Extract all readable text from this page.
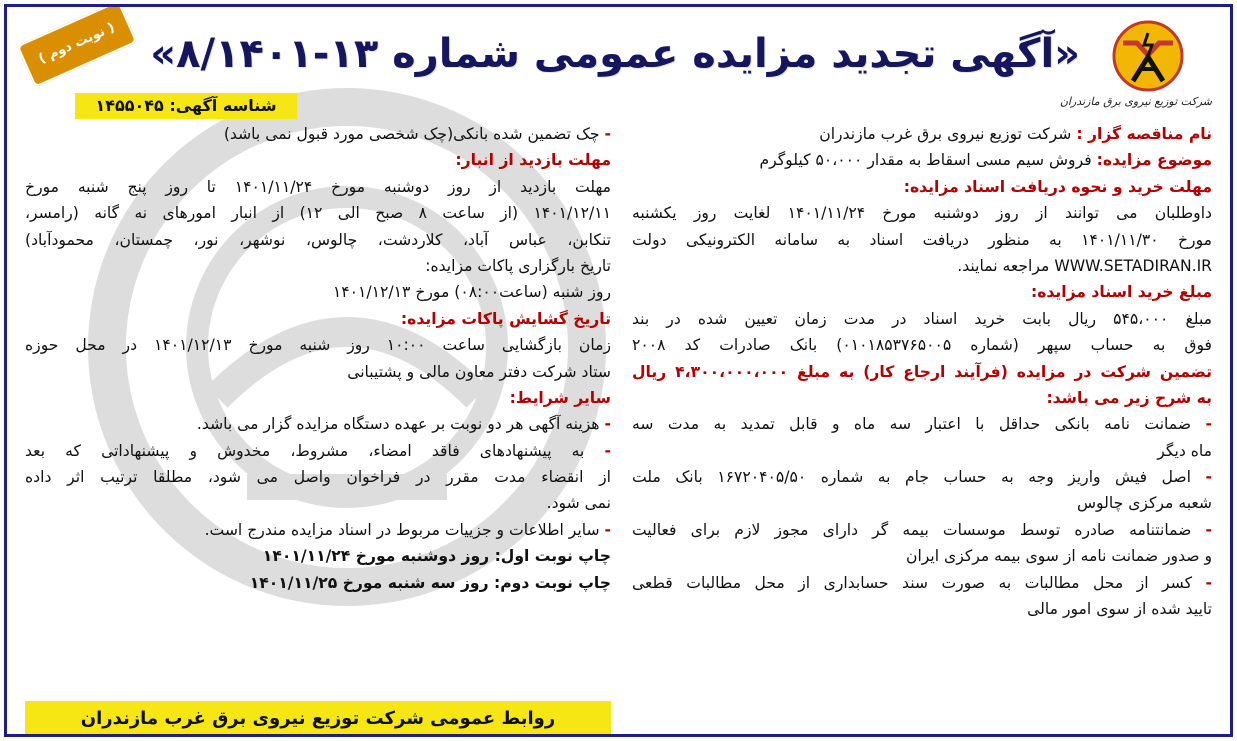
( نوبت دوم ) «آگهی تجدید مزایده عمومی شماره ۱۳-۸/۱۴۰۱»
شرکت توزیع نیروی برق مازندران
شناسه آگهی: ۱۴۵۵۰۴۵
نام مناقصه گزار : شرکت توزیع نیروی برق غرب مازندران
موضوع مزایده: فروش سیم مسی اسقاط به مقدار ۵۰،۰۰۰ کیلوگرم
مهلت خرید و نحوه دریافت اسناد مزایده:
داوطلبان می توانند از روز دوشنبه مورخ ۱۴۰۱/۱۱/۲۴ لغایت روز یکشنبه
مورخ ۱۴۰۱/۱۱/۳۰ به منظور دریافت اسناد به سامانه الکترونیکی دولت
WWW.SETADIRAN.IR مراجعه نمایند.
مبلغ خرید اسناد مزایده:
مبلغ ۵۴۵،۰۰۰ ریال بابت خرید اسناد در مدت زمان تعیین شده در بند
فوق به حساب سپهر (شماره ۰۱۰۱۸۵۳۷۶۵۰۰۵) بانک صادرات کد ۲۰۰۸
تضمین شرکت در مزایده (فرآیند ارجاع کار) به مبلغ ۴،۳۰۰،۰۰۰،۰۰۰ ریال
به شرح زیر می باشد:
- ضمانت نامه بانکی حداقل با اعتبار سه ماه و قابل تمدید به مدت سه
ماه دیگر
- اصل فیش واریز وجه به حساب جام به شماره ۱۶۷۲۰۴۰۵/۵۰ بانک ملت
شعبه مرکزی چالوس
- ضمانتنامه صادره توسط موسسات بیمه گر دارای مجوز لازم برای فعالیت
و صدور ضمانت نامه از سوی بیمه مرکزی ایران
- کسر از محل مطالبات به صورت سند حسابداری از محل مطالبات قطعی
تایید شده از سوی امور مالی
- چک تضمین شده بانکی(چک شخصی مورد قبول نمی باشد)
مهلت بازدید از انبار:
مهلت بازدید از روز دوشنبه مورخ ۱۴۰۱/۱۱/۲۴ تا روز پنج شنبه مورخ
۱۴۰۱/۱۲/۱۱ (از ساعت ۸ صبح الی ۱۲) از انبار امورهای نه گانه (رامسر،
تنکابن، عباس آباد، کلاردشت، چالوس، نوشهر، نور، چمستان، محمودآباد)
تاریخ بارگزاری پاکات مزایده:
روز شنبه (ساعت۰۸:۰۰) مورخ ۱۴۰۱/۱۲/۱۳
تاریخ گشایش پاکات مزایده:
زمان بازگشایی ساعت ۱۰:۰۰ روز شنبه مورخ ۱۴۰۱/۱۲/۱۳ در محل حوزه
ستاد شرکت دفتر معاون مالی و پشتیبانی
سایر شرایط:
- هزینه آگهی هر دو نوبت بر عهده دستگاه مزایده گزار می باشد.
- به پیشنهادهای فاقد امضاء، مشروط، مخدوش و پیشنهاداتی که بعد
از انقضاء مدت مقرر در فراخوان واصل می شود، مطلقا ترتیب اثر داده
نمی شود.
- سایر اطلاعات و جزییات مربوط در اسناد مزایده مندرج است.
چاپ نوبت اول: روز دوشنبه مورخ ۱۴۰۱/۱۱/۲۴
چاپ نوبت دوم: روز سه شنبه مورخ ۱۴۰۱/۱۱/۲۵
روابط عمومی شرکت توزیع نیروی برق غرب مازندران
